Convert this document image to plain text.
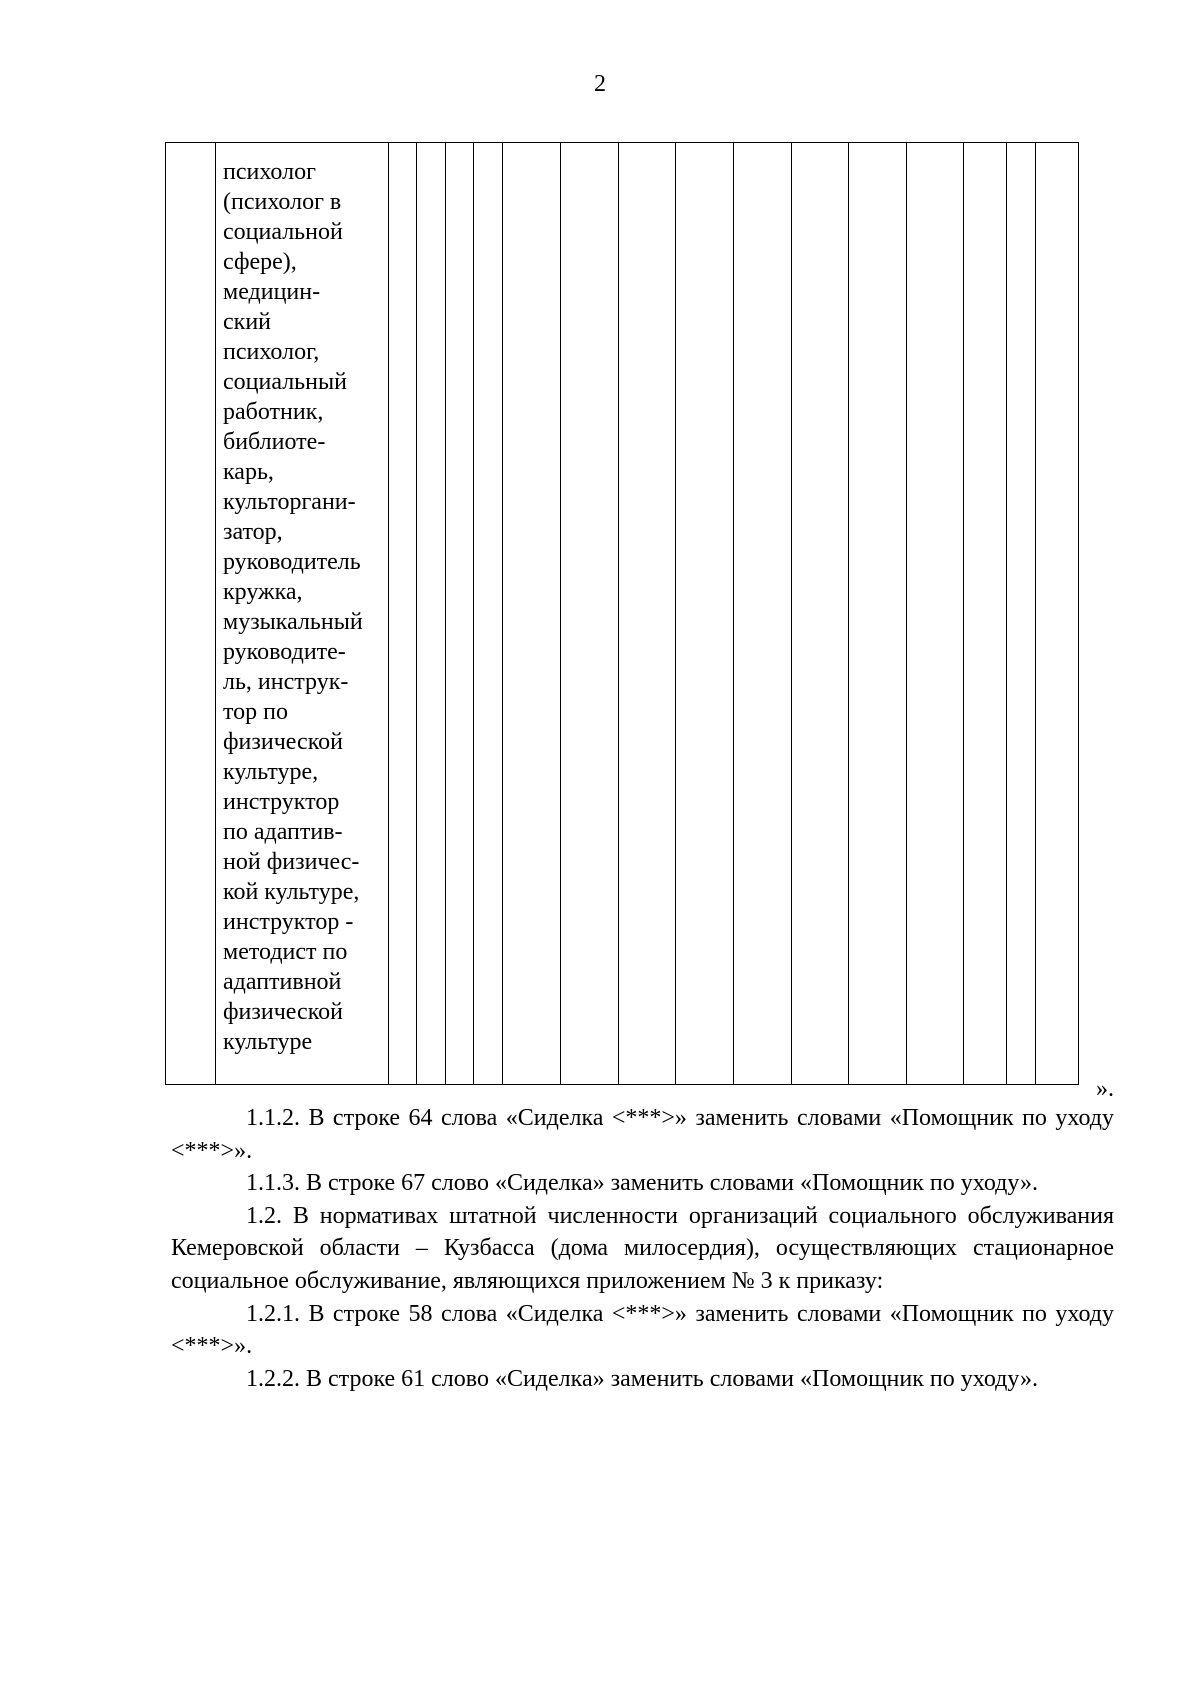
2
	психолог
(психолог в
социальной
сфере),
медицин-
ский
психолог,
социальный
работник,
библиоте-
карь,
культоргани-
затор,
руководитель
кружка,
музыкальный
руководите-
ль, инструк-
тор по
физической
культуре,
инструктор
по адаптив-
ной физичес-
кой культуре,
инструктор -
методист по
адаптивной
физической
культуре															
».

1.1.2. В строке 64 слова «Сиделка <***>» заменить словами «Помощник по уходу <***>».

1.1.3. В строке 67 слово «Сиделка» заменить словами «Помощник по уходу».

1.2. В нормативах штатной численности организаций социального обслуживания Кемеровской области – Кузбасса (дома милосердия), осуществляющих стационарное социальное обслуживание, являющихся приложением № 3 к приказу:

1.2.1. В строке 58 слова «Сиделка <***>» заменить словами «Помощник по уходу <***>».

1.2.2. В строке 61 слово «Сиделка» заменить словами «Помощник по уходу».
